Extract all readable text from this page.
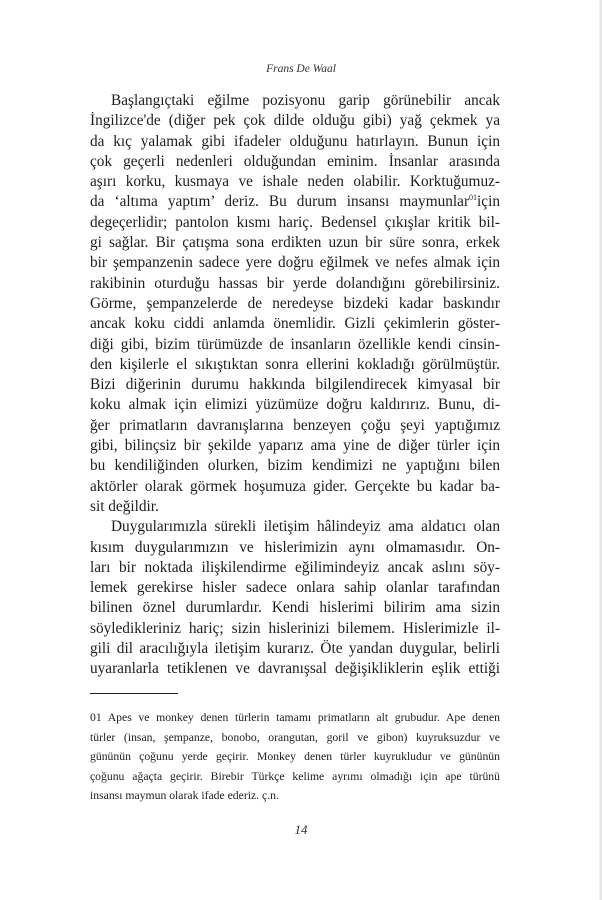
Frans De Waal
Başlangıçtaki eğilme pozisyonu garip görünebilir ancak
İngilizce'de (diğer pek çok dilde olduğu gibi) yağ çekmek ya
da kıç yalamak gibi ifadeler olduğunu hatırlayın. Bunun için
çok geçerli nedenleri olduğundan eminim. İnsanlar arasında
aşırı korku, kusmaya ve ishale neden olabilir. Korktuğumuz-
da ‘altıma yaptım’ deriz. Bu durum insansı maymunlar$^{01}$için
degeçerlidir; pantolon kısmı hariç. Bedensel çıkışlar kritik bil-
gi sağlar. Bir çatışma sona erdikten uzun bir süre sonra, erkek
bir şempanzenin sadece yere doğru eğilmek ve nefes almak için
rakibinin oturduğu hassas bir yerde dolandığını görebilirsiniz.
Görme, şempanzelerde de neredeyse bizdeki kadar baskındır
ancak koku ciddi anlamda önemlidir. Gizli çekimlerin göster-
diği gibi, bizim türümüzde de insanların özellikle kendi cinsin-
den kişilerle el sıkıştıktan sonra ellerini kokladığı görülmüştür.
Bizi diğerinin durumu hakkında bilgilendirecek kimyasal bir
koku almak için elimizi yüzümüze doğru kaldırırız. Bunu, di-
ğer primatların davranışlarına benzeyen çoğu şeyi yaptığımız
gibi, bilinçsiz bir şekilde yaparız ama yine de diğer türler için
bu kendiliğinden olurken, bizim kendimizi ne yaptığını bilen
aktörler olarak görmek hoşumuza gider. Gerçekte bu kadar ba-
sit değildir.
Duygularımızla sürekli iletişim hâlindeyiz ama aldatıcı olan
kısım duygularımızın ve hislerimizin aynı olmamasıdır. On-
ları bir noktada ilişkilendirme eğilimindeyiz ancak aslını söy-
lemek gerekirse hisler sadece onlara sahip olanlar tarafından
bilinen öznel durumlardır. Kendi hislerimi bilirim ama sizin
söyledikleriniz hariç; sizin hislerinizi bilemem. Hislerimizle il-
gili dil aracılığıyla iletişim kurarız. Öte yandan duygular, belirli
uyaranlarla tetiklenen ve davranışsal değişikliklerin eşlik ettiği
01 Apes ve monkey denen türlerin tamamı primatların alt grubudur. Ape denen
türler (insan, şempanze, bonobo, orangutan, goril ve gibon) kuyruksuzdur ve
gününün çoğunu yerde geçirir. Monkey denen türler kuyrukludur ve gününün
çoğunu ağaçta geçirir. Birebir Türkçe kelime ayrımı olmadığı için ape türünü
insansı maymun olarak ifade ederiz. ç.n.
14
